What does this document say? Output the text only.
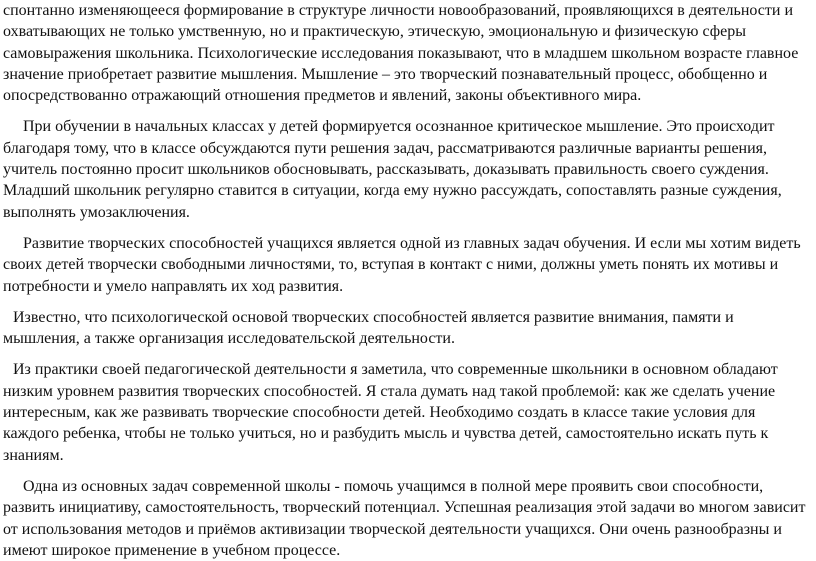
спонтанно изменяющееся формирование в структуре личности новообразований, проявляющихся в деятельности и охватывающих не только умственную, но и практическую, этическую, эмоциональную и физическую сферы самовыражения школьника. Психологические исследования показывают, что в младшем школьном возрасте главное значение приобретает развитие мышления. Мышление – это творческий познавательный процесс, обобщенно и опосредствованно отражающий отношения предметов и явлений, законы объективного мира.

При обучении в начальных классах у детей формируется осознанное критическое мышление. Это происходит благодаря тому, что в классе обсуждаются пути решения задач, рассматриваются различные варианты решения, учитель постоянно просит школьников обосновывать, рассказывать, доказывать правильность своего суждения. Младший школьник регулярно ставится в ситуации, когда ему нужно рассуждать, сопоставлять разные суждения, выполнять умозаключения.

Развитие творческих способностей учащихся является одной из главных задач обучения. И если мы хотим видеть своих детей творчески свободными личностями, то, вступая в контакт с ними, должны уметь понять их мотивы и потребности и умело направлять их ход развития.

Известно, что психологической основой творческих способностей является развитие внимания, памяти и мышления, а также организация исследовательской деятельности.

Из практики своей педагогической деятельности я заметила, что современные школьники в основном обладают низким уровнем развития творческих способностей. Я стала думать над такой проблемой: как же сделать учение интересным, как же развивать творческие способности детей. Необходимо создать в классе такие условия для каждого ребенка, чтобы не только учиться, но и разбудить мысль и чувства детей, самостоятельно искать путь к знаниям.

Одна из основных задач современной школы - помочь учащимся в полной мере проявить свои способности, развить инициативу, самостоятельность, творческий потенциал. Успешная реализация этой задачи во многом зависит от использования методов и приёмов активизации творческой деятельности учащихся. Они очень разнообразны и имеют широкое применение в учебном процессе.
